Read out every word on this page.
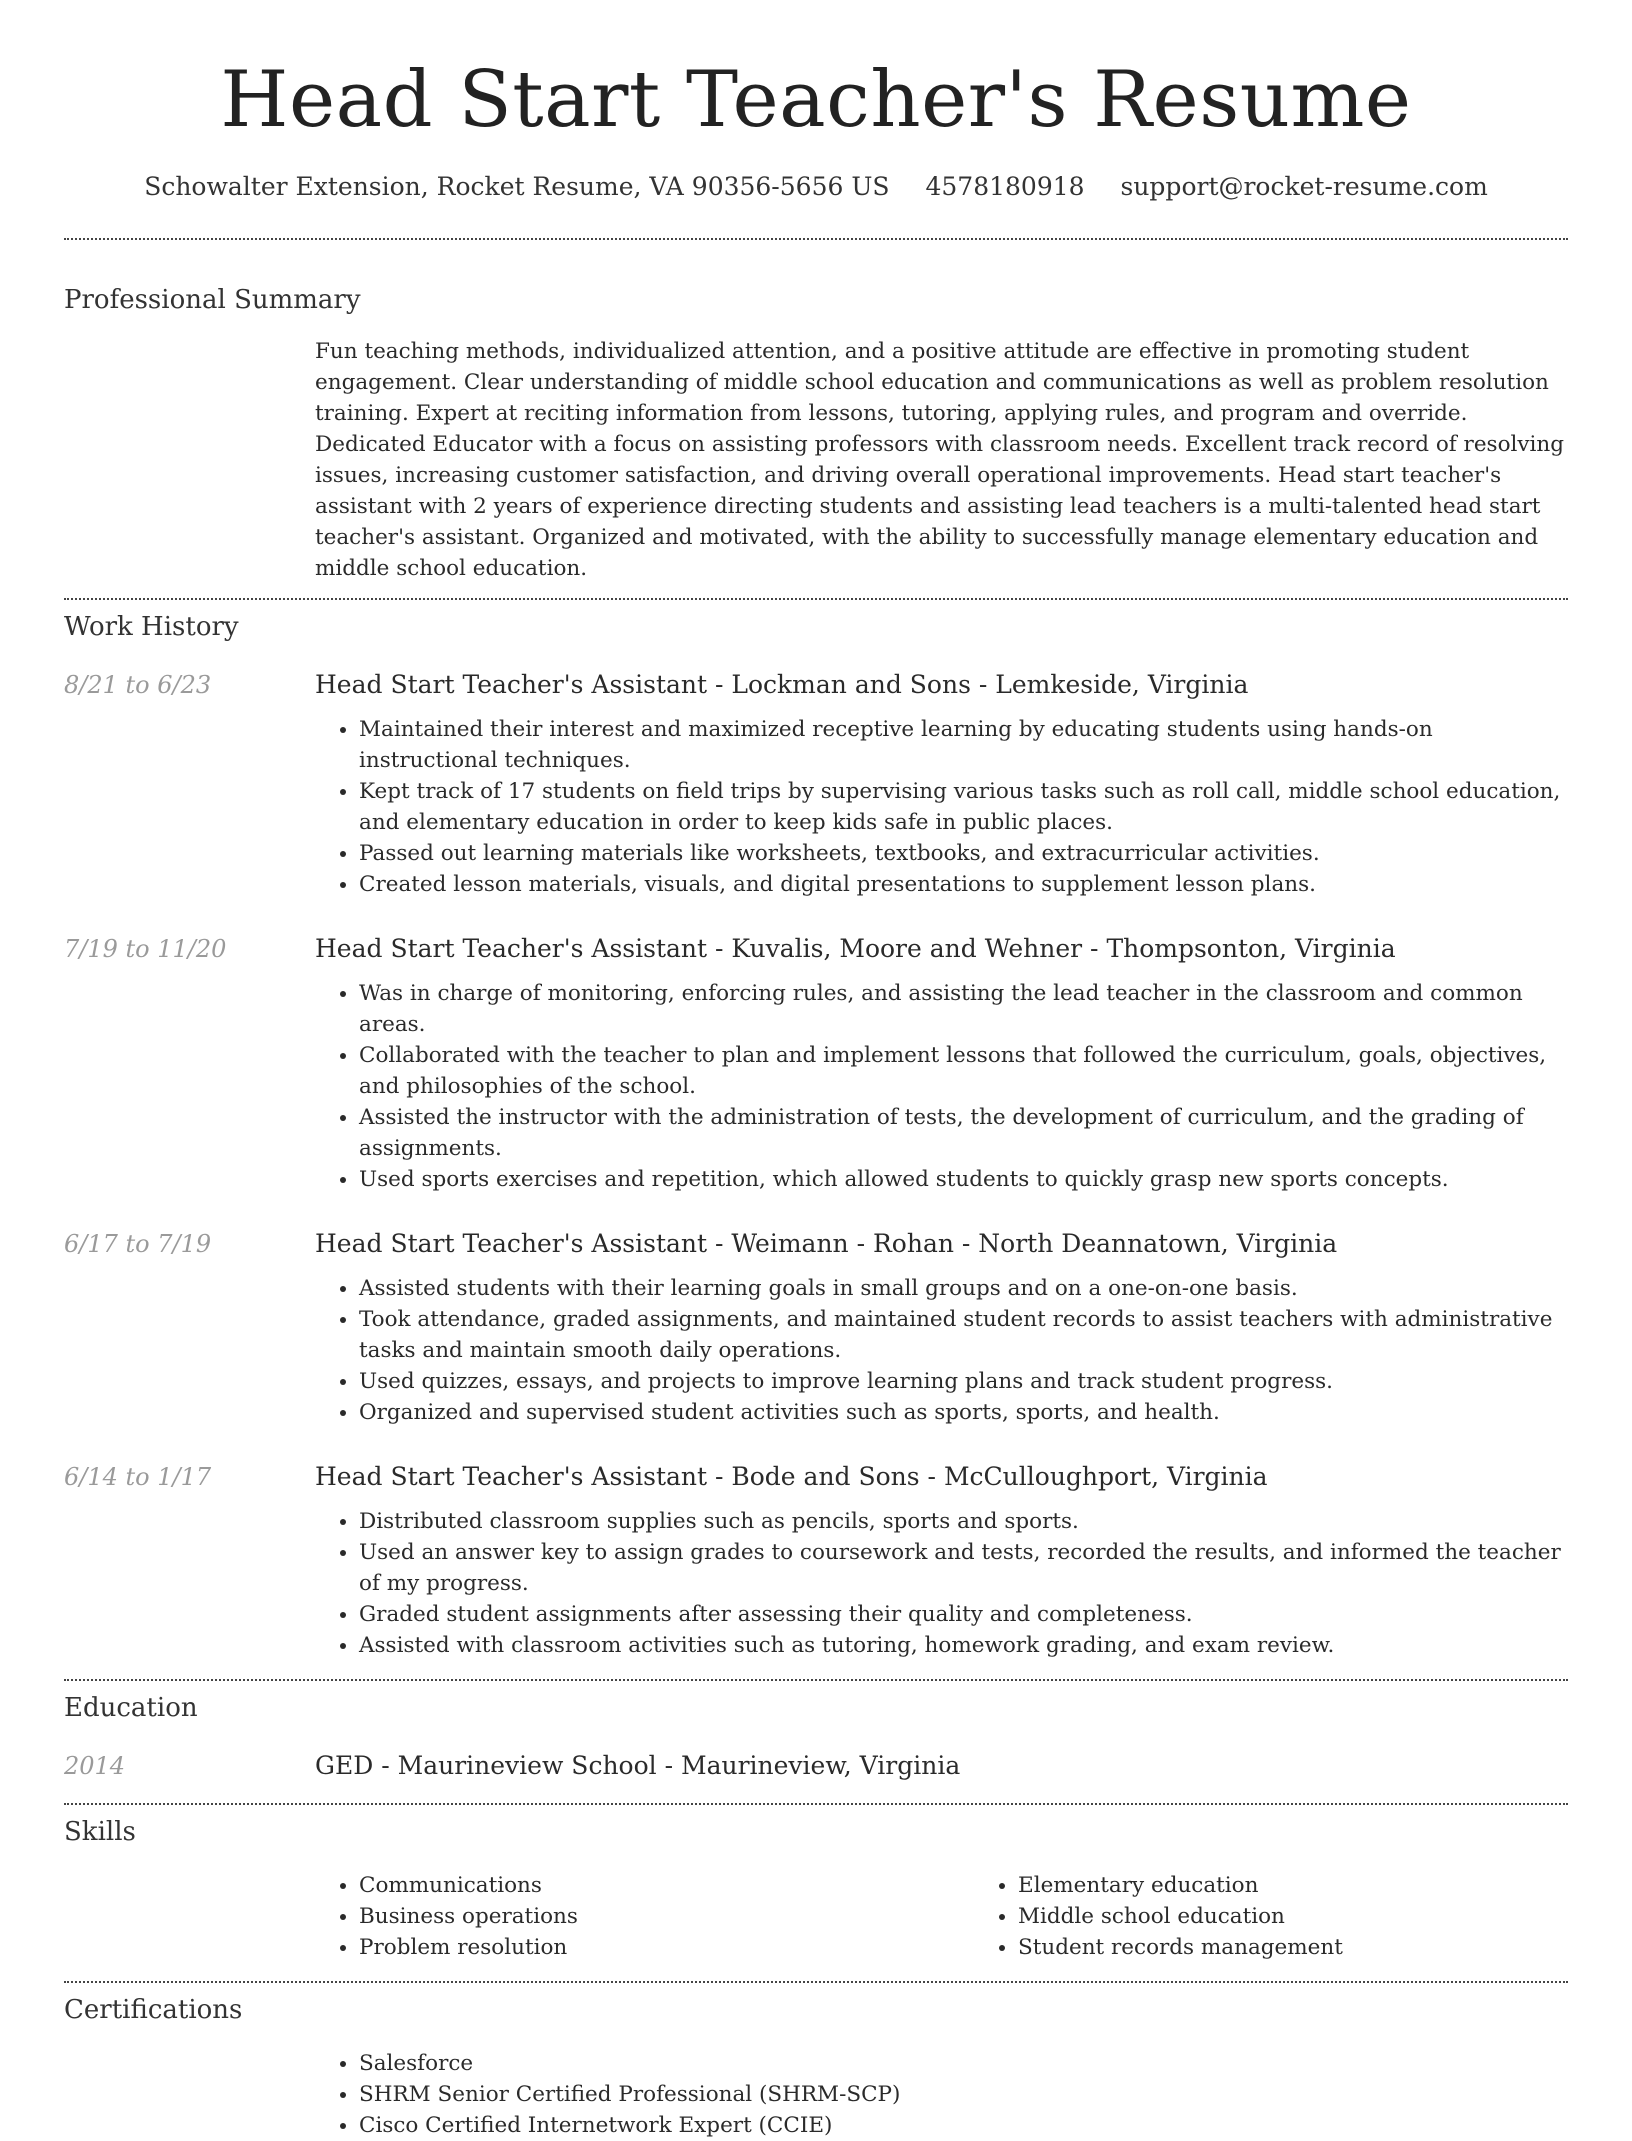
Head Start Teacher's Resume
Schowalter Extension, Rocket Resume, VA 90356-5656 US 4578180918 support@rocket-resume.com
Professional Summary

Fun teaching methods, individualized attention, and a positive attitude are effective in promoting student engagement. Clear understanding of middle school education and communications as well as problem resolution training. Expert at reciting information from lessons, tutoring, applying rules, and program and override. Dedicated Educator with a focus on assisting professors with classroom needs. Excellent track record of resolving issues, increasing customer satisfaction, and driving overall operational improvements. Head start teacher's assistant with 2 years of experience directing students and assisting lead teachers is a multi-talented head start teacher's assistant. Organized and motivated, with the ability to successfully manage elementary education and middle school education.

Work History
8/21 to 6/23	Head Start Teacher's Assistant - Lockman and Sons - Lemkeside, Virginia
• Maintained their interest and maximized receptive learning by educating students using hands-on instructional techniques.
• Kept track of 17 students on field trips by supervising various tasks such as roll call, middle school education, and elementary education in order to keep kids safe in public places.
• Passed out learning materials like worksheets, textbooks, and extracurricular activities.
• Created lesson materials, visuals, and digital presentations to supplement lesson plans.
7/19 to 11/20	Head Start Teacher's Assistant - Kuvalis, Moore and Wehner - Thompsonton, Virginia
• Was in charge of monitoring, enforcing rules, and assisting the lead teacher in the classroom and common areas.
• Collaborated with the teacher to plan and implement lessons that followed the curriculum, goals, objectives, and philosophies of the school.
• Assisted the instructor with the administration of tests, the development of curriculum, and the grading of assignments.
• Used sports exercises and repetition, which allowed students to quickly grasp new sports concepts.
6/17 to 7/19	Head Start Teacher's Assistant - Weimann - Rohan - North Deannatown, Virginia
• Assisted students with their learning goals in small groups and on a one-on-one basis.
• Took attendance, graded assignments, and maintained student records to assist teachers with administrative tasks and maintain smooth daily operations.
• Used quizzes, essays, and projects to improve learning plans and track student progress.
• Organized and supervised student activities such as sports, sports, and health.
6/14 to 1/17	Head Start Teacher's Assistant - Bode and Sons - McCulloughport, Virginia
• Distributed classroom supplies such as pencils, sports and sports.
• Used an answer key to assign grades to coursework and tests, recorded the results, and informed the teacher of my progress.
• Graded student assignments after assessing their quality and completeness.
• Assisted with classroom activities such as tutoring, homework grading, and exam review.
Education
2014	GED - Maurineview School - Maurineview, Virginia
Skills
• Communications
• Business operations
• Problem resolution
• Elementary education
• Middle school education
• Student records management
Certifications
• Salesforce
• SHRM Senior Certified Professional (SHRM-SCP)
• Cisco Certified Internetwork Expert (CCIE)
